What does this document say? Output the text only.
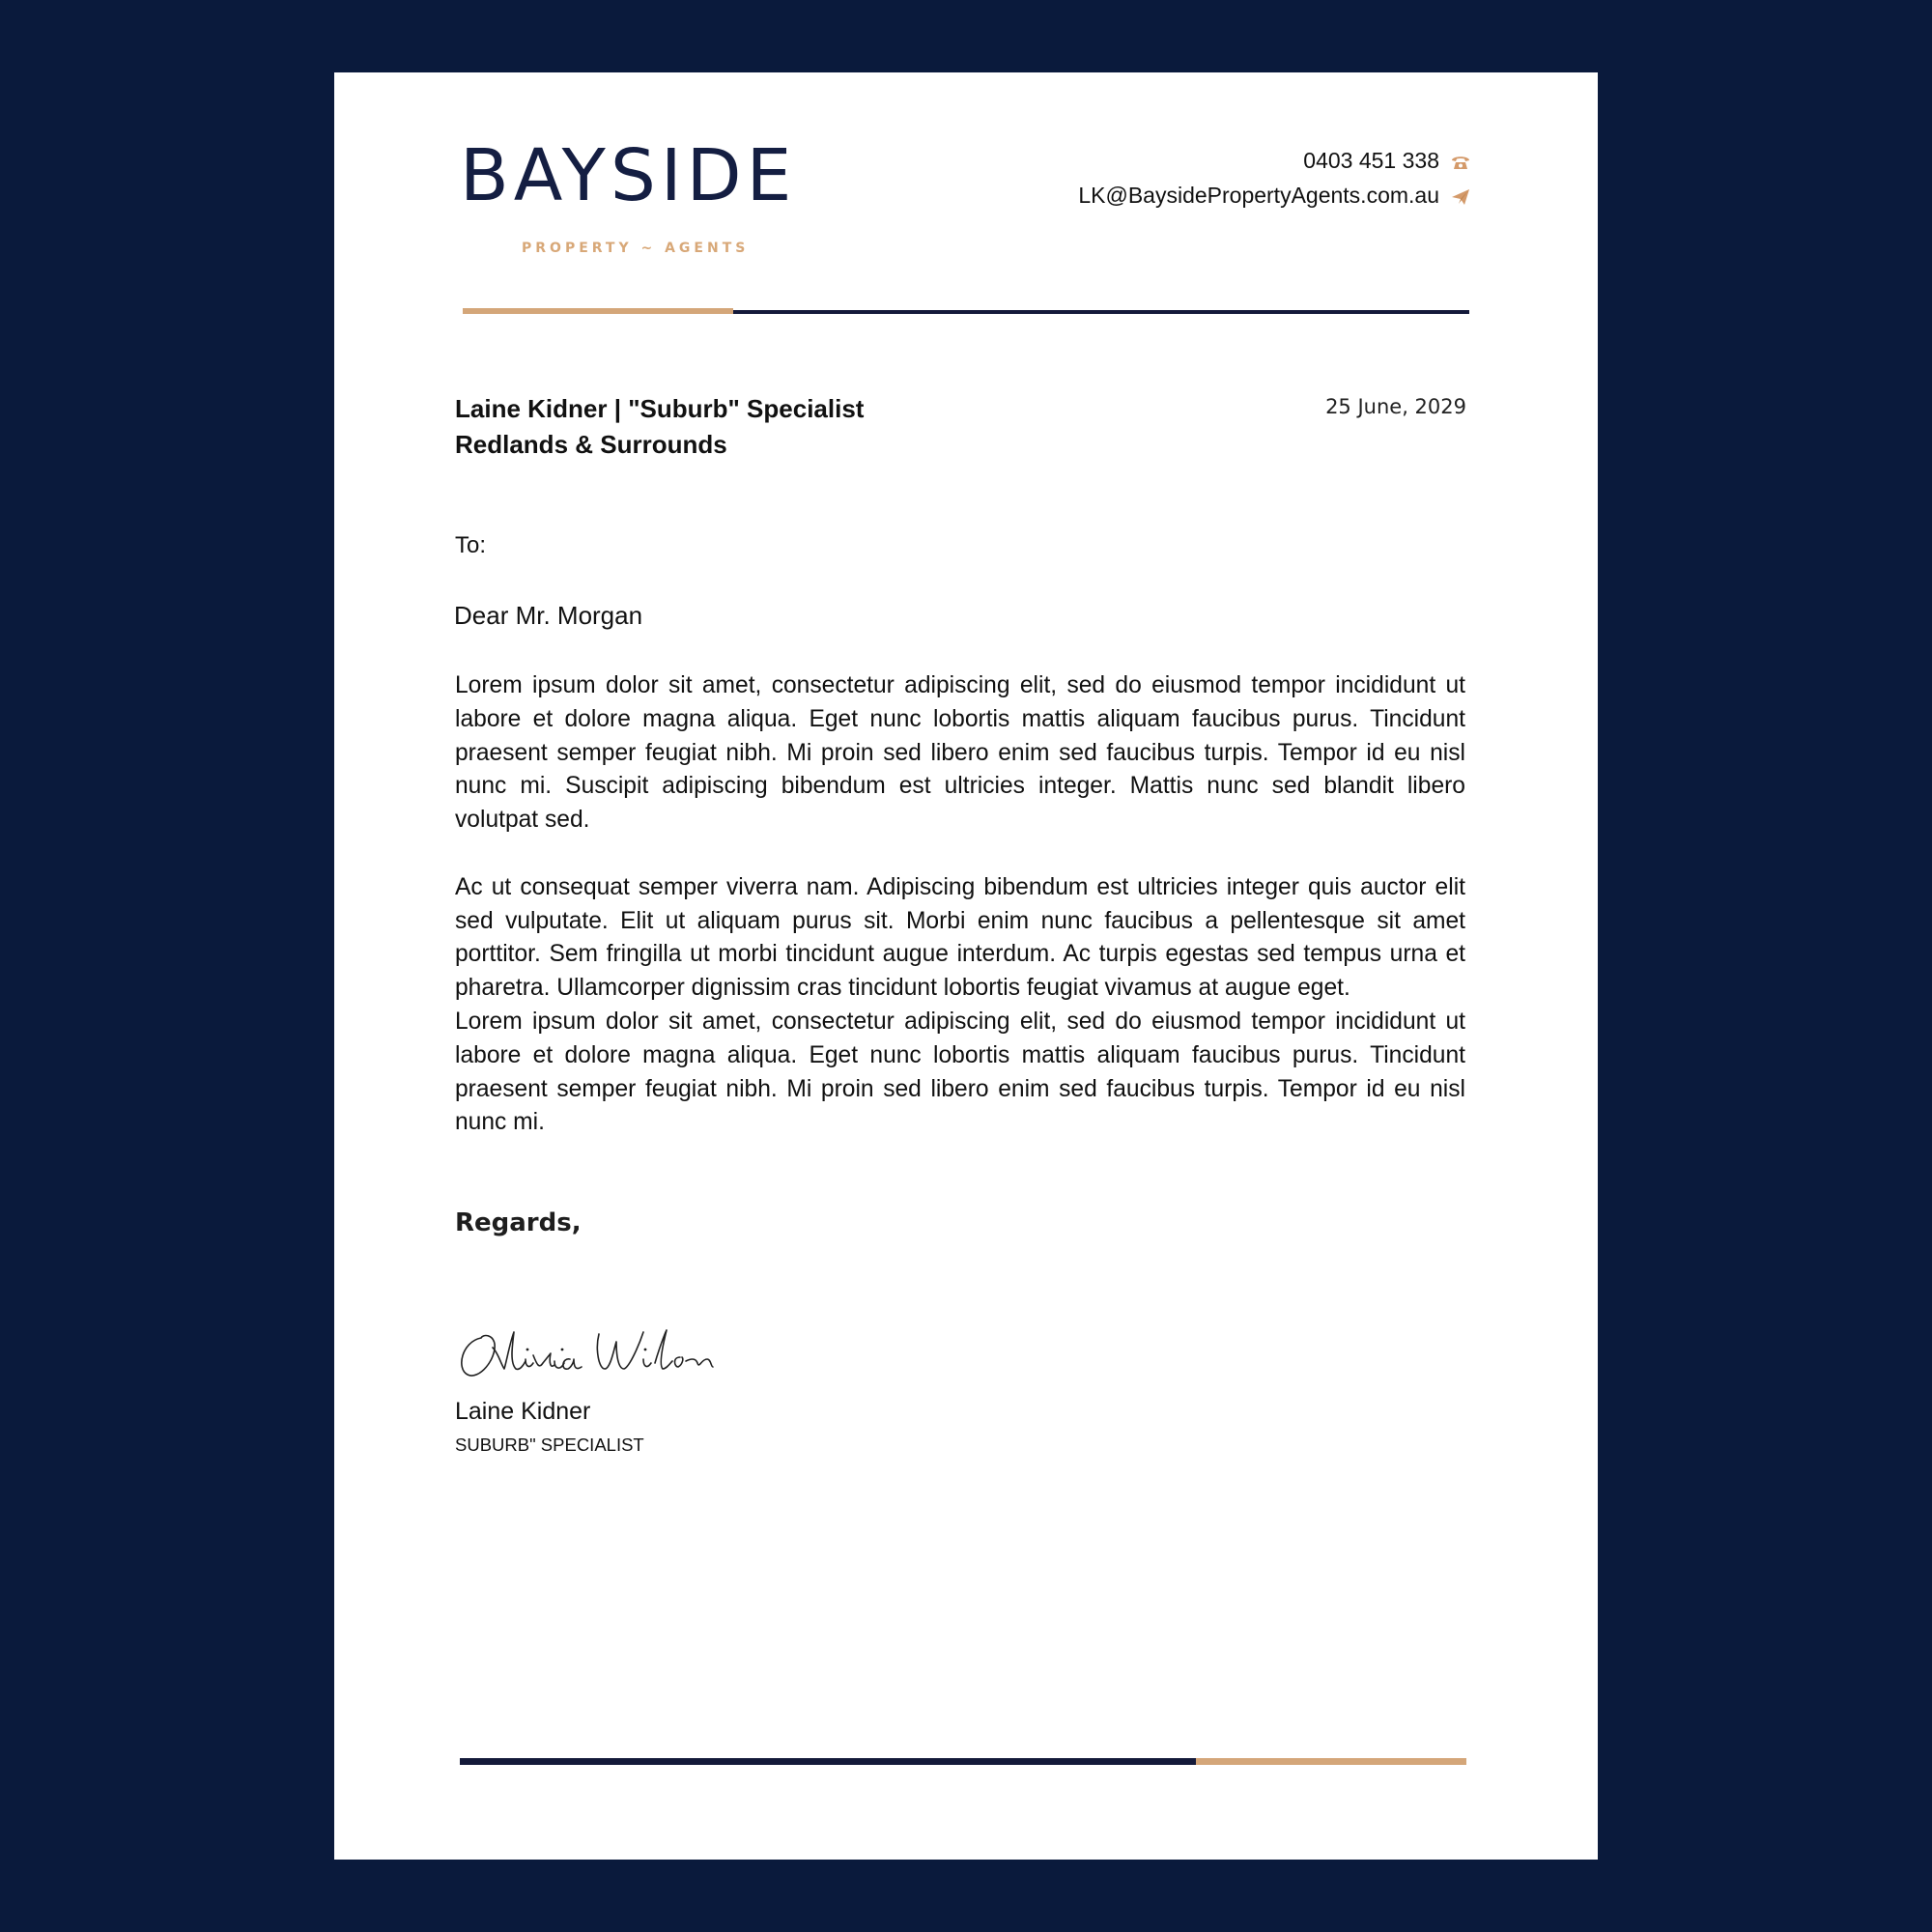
BAYSIDE
PROPERTY ~ AGENTS
0403 451 338
LK@BaysidePropertyAgents.com.au
Laine Kidner | "Suburb" Specialist
Redlands & Surrounds
25 June, 2029
To:
Dear Mr. Morgan

Lorem ipsum dolor sit amet, consectetur adipiscing elit, sed do eiusmod tempor incididunt ut labore et dolore magna aliqua. Eget nunc lobortis mattis aliquam faucibus purus. Tincidunt praesent semper feugiat nibh. Mi proin sed libero enim sed faucibus turpis. Tempor id eu nisl nunc mi. Suscipit adipiscing bibendum est ultricies integer. Mattis nunc sed blandit libero volutpat sed.

Ac ut consequat semper viverra nam. Adipiscing bibendum est ultricies integer quis auctor elit sed vulputate. Elit ut aliquam purus sit. Morbi enim nunc faucibus a pellentesque sit amet porttitor. Sem fringilla ut morbi tincidunt augue interdum. Ac turpis egestas sed tempus urna et pharetra. Ullamcorper dignissim cras tincidunt lobortis feugiat vivamus at augue eget.

Lorem ipsum dolor sit amet, consectetur adipiscing elit, sed do eiusmod tempor incididunt ut labore et dolore magna aliqua. Eget nunc lobortis mattis aliquam faucibus purus. Tincidunt praesent semper feugiat nibh. Mi proin sed libero enim sed faucibus turpis. Tempor id eu nisl nunc mi.

Regards,
Laine Kidner
SUBURB" SPECIALIST
